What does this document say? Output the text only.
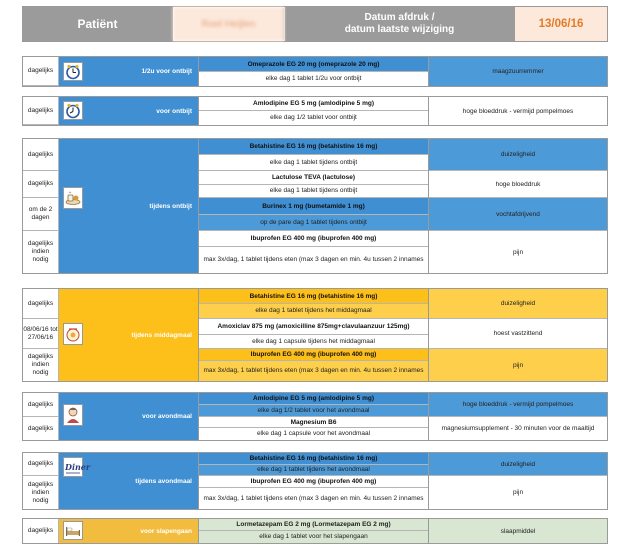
Patiënt	Roel Heijlen
Datum afdruk /
datum laatste wijziging	13/06/16
1/2u voor ontbijt
dagelijks
Omeprazole EG 20 mg (omeprazole 20 mg)
elke dag 1 tablet 1/2u voor ontbijt
maagzuurremmer
voor ontbijt
dagelijks
Amlodipine EG 5 mg (amlodipine 5 mg)
elke dag 1/2 tablet voor ontbijt
hoge bloeddruk - vermijd pompelmoes
tijdens ontbijt
dagelijks
Betahistine EG 16 mg (betahistine 16 mg)
elke dag 1 tablet tijdens ontbijt
duizeligheid
dagelijks
Lactulose TEVA (lactulose)
elke dag 1 tablet tijdens ontbijt
hoge bloeddruk
om de 2 dagen
Burinex 1 mg (bumetamide 1 mg)
op de pare dag 1 tablet tijdens ontbijt
vochtafdrijvend
dagelijks indien nodig
Ibuprofen EG 400 mg (ibuprofen 400 mg)
max 3x/dag, 1 tablet tijdens eten (max 3 dagen en min. 4u tussen 2 innames
pijn
tijdens middagmaal
dagelijks
Betahistine EG 16 mg (betahistine 16 mg)
elke dag 1 tablet tijdens het middagmaal
duizeligheid
08/06/16 tot 27/06/16
Amoxiclav 875 mg (amoxicilline 875mg+clavulaanzuur 125mg)
elke dag 1 capsule tijdens het middagmaal
hoest vastzittend
dagelijks indien nodig
Ibuprofen EG 400 mg (ibuprofen 400 mg)
max 3x/dag, 1 tablet tijdens eten (max 3 dagen en min. 4u tussen 2 innames
pijn
voor avondmaal
dagelijks
Amlodipine EG 5 mg (amlodipine 5 mg)
elke dag 1/2 tablet voor het avondmaal
hoge bloeddruk - vermijd pompelmoes
dagelijks
Magnesium B6
elke dag 1 capsule voor het avondmaal
magnesiumsupplement - 30 minuten voor de maaltijd
Diner
tijdens avondmaal
dagelijks
Betahistine EG 16 mg (betahistine 16 mg)
elke dag 1 tablet tijdens het avondmaal
duizeligheid
dagelijks indien nodig
Ibuprofen EG 400 mg (ibuprofen 400 mg)
max 3x/dag, 1 tablet tijdens eten (max 3 dagen en min. 4u tussen 2 innames
pijn
voor slapengaan
dagelijks
Lormetazepam EG 2 mg (Lormetazepam EG 2 mg)
elke dag 1 tablet voor het slapengaan
slaapmiddel
